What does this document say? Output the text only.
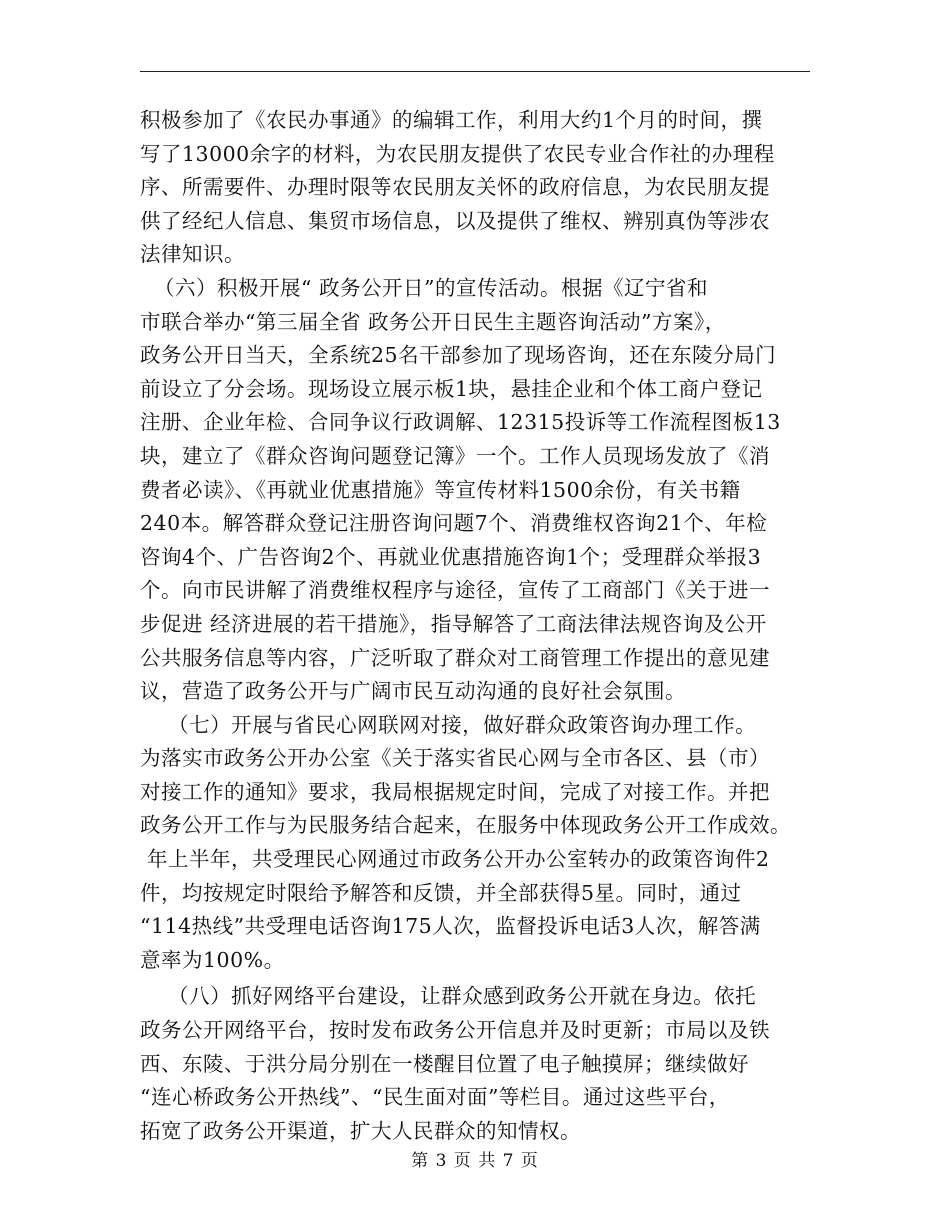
积极参加了《农民办事通》的编辑工作，利用大约1个月的时间，撰
写了13000余字的材料，为农民朋友提供了农民专业合作社的办理程
序、所需要件、办理时限等农民朋友关怀的政府信息，为农民朋友提
供了经纪人信息、集贸市场信息，以及提供了维权、辨别真伪等涉农
法律知识。
（六）积极开展“ 政务公开日”的宣传活动。根据《辽宁省和
市联合举办“第三届全省 政务公开日民生主题咨询活动”方案》，
政务公开日当天，全系统25名干部参加了现场咨询，还在东陵分局门
前设立了分会场。现场设立展示板1块，悬挂企业和个体工商户登记
注册、企业年检、合同争议行政调解、12315投诉等工作流程图板13
块，建立了《群众咨询问题登记簿》一个。工作人员现场发放了《消
费者必读》、《再就业优惠措施》等宣传材料1500余份，有关书籍
240本。解答群众登记注册咨询问题7个、消费维权咨询21个、年检
咨询4个、广告咨询2个、再就业优惠措施咨询1个；受理群众举报3
个。向市民讲解了消费维权程序与途径，宣传了工商部门《关于进一
步促进 经济进展的若干措施》，指导解答了工商法律法规咨询及公开
公共服务信息等内容，广泛听取了群众对工商管理工作提出的意见建
议，营造了政务公开与广阔市民互动沟通的良好社会氛围。
（七）开展与省民心网联网对接，做好群众政策咨询办理工作。
为落实市政务公开办公室《关于落实省民心网与全市各区、县（市）
对接工作的通知》要求，我局根据规定时间，完成了对接工作。并把
政务公开工作与为民服务结合起来，在服务中体现政务公开工作成效。
年上半年，共受理民心网通过市政务公开办公室转办的政策咨询件2
件，均按规定时限给予解答和反馈，并全部获得5星。同时，通过
“114热线”共受理电话咨询175人次，监督投诉电话3人次，解答满
意率为100%。
（八）抓好网络平台建设，让群众感到政务公开就在身边。依托
政务公开网络平台，按时发布政务公开信息并及时更新；市局以及铁
西、东陵、于洪分局分别在一楼醒目位置了电子触摸屏；继续做好
“连心桥政务公开热线”、“民生面对面”等栏目。通过这些平台，
拓宽了政务公开渠道，扩大人民群众的知情权。
第 3 页 共 7 页
